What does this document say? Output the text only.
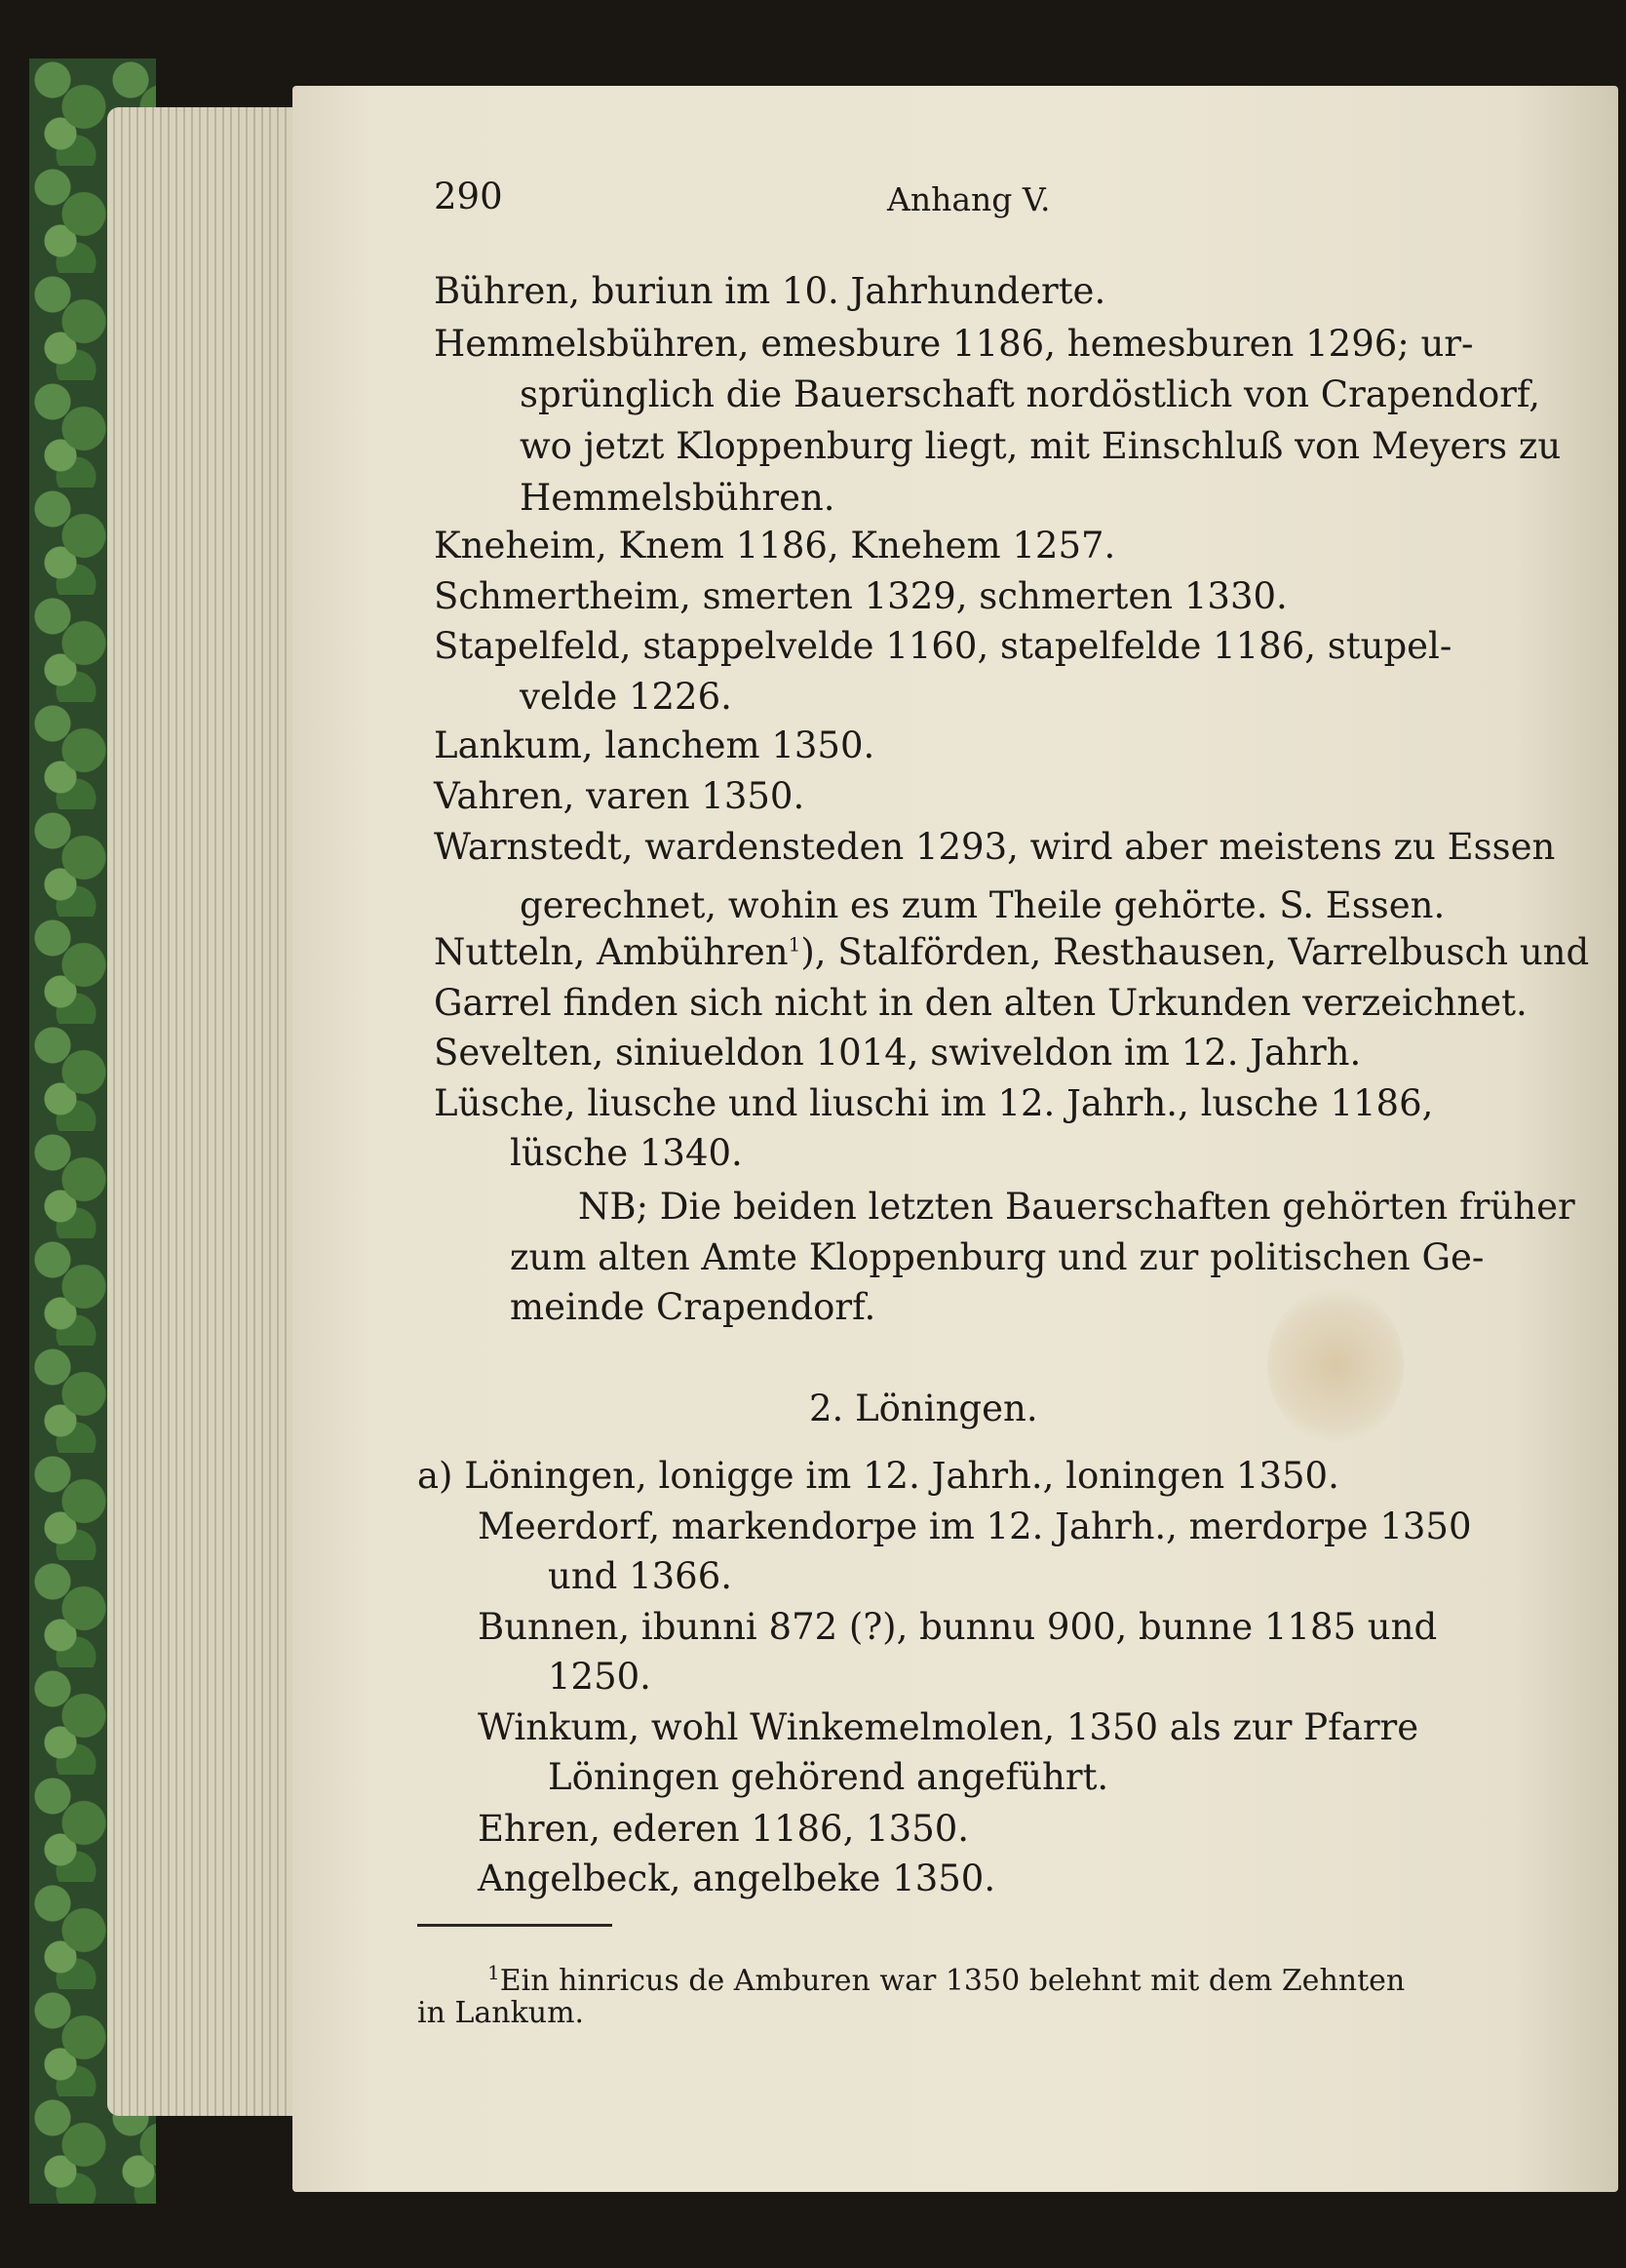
290	Anhang V.
Bühren, buriun im 10. Jahrhunderte.
Hemmelsbühren, emesbure 1186, hemesburen 1296; ur-
sprünglich die Bauerschaft nordöstlich von Crapendorf,
wo jetzt Kloppenburg liegt, mit Einschluß von Meyers zu
Hemmelsbühren.
Kneheim, Knem 1186, Knehem 1257.
Schmertheim, smerten 1329, schmerten 1330.
Stapelfeld, stappelvelde 1160, stapelfelde 1186, stupel-
velde 1226.
Lankum, lanchem 1350.
Vahren, varen 1350.
Warnstedt, wardensteden 1293, wird aber meistens zu Essen
gerechnet, wohin es zum Theile gehörte. S. Essen.
Nutteln, Ambühren$^1$), Stalförden, Resthausen, Varrelbusch und
Garrel finden sich nicht in den alten Urkunden verzeichnet.
Sevelten, siniueldon 1014, swiveldon im 12. Jahrh.
Lüsche, liusche und liuschi im 12. Jahrh., lusche 1186,
lüsche 1340.
NB; Die beiden letzten Bauerschaften gehörten früher
zum alten Amte Kloppenburg und zur politischen Ge-
meinde Crapendorf.
2. Löningen.
a) Löningen, lonigge im 12. Jahrh., loningen 1350.
Meerdorf, markendorpe im 12. Jahrh., merdorpe 1350
und 1366.
Bunnen, ibunni 872 (?), bunnu 900, bunne 1185 und
1250.
Winkum, wohl Winkemelmolen, 1350 als zur Pfarre
Löningen gehörend angeführt.
Ehren, ederen 1186, 1350.
Angelbeck, angelbeke 1350.
$^1$Ein hinricus de Amburen war 1350 belehnt mit dem Zehnten
in Lankum.
